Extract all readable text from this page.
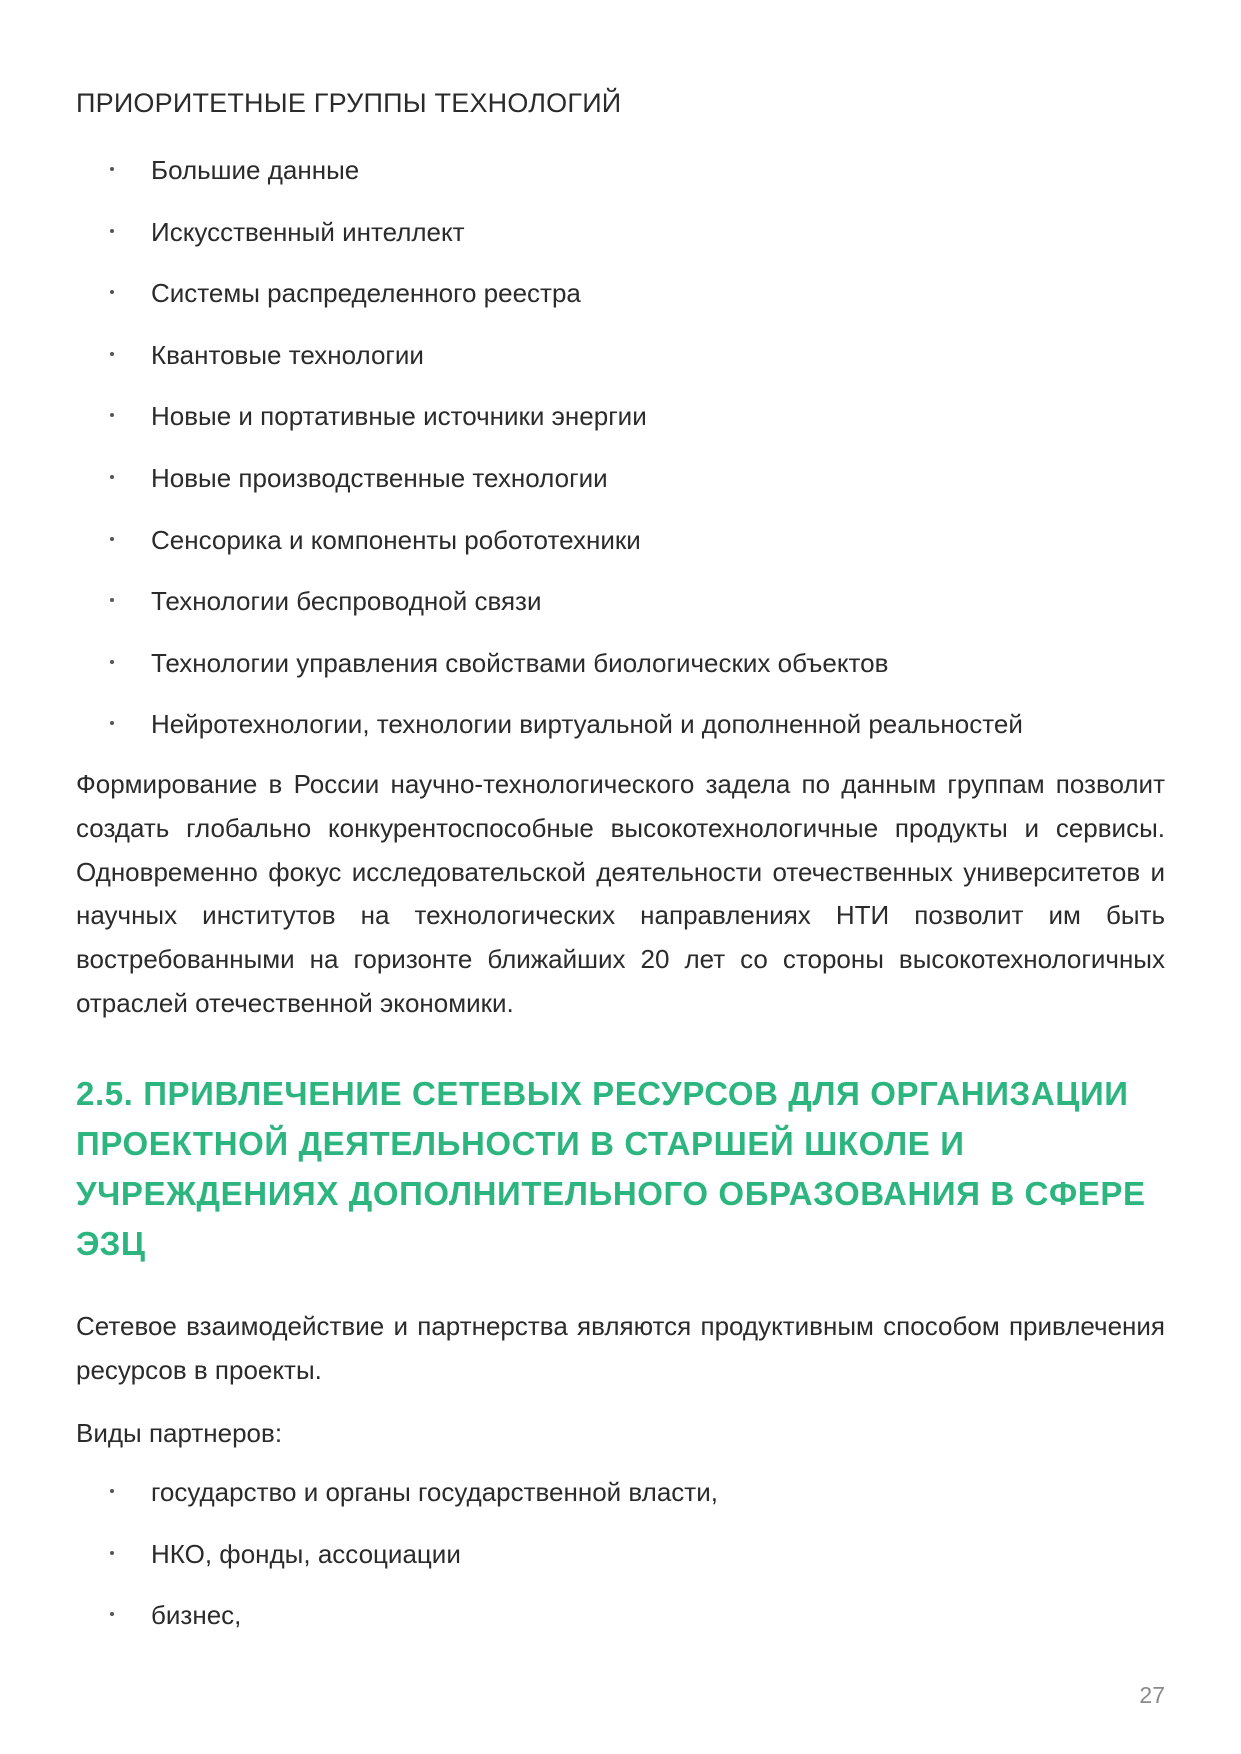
ПРИОРИТЕТНЫЕ ГРУППЫ ТЕХНОЛОГИЙ
Большие данные
Искусственный интеллект
Системы распределенного реестра
Квантовые технологии
Новые и портативные источники энергии
Новые производственные технологии
Сенсорика и компоненты робототехники
Технологии беспроводной связи
Технологии управления свойствами биологических объектов
Нейротехнологии, технологии виртуальной и дополненной реальностей

Формирование в России научно-технологического задела по данным группам позволит создать глобально конкурентоспособные высокотехнологичные продукты и сервисы. Одновременно фокус исследовательской деятельности отечественных университетов и научных институтов на технологических направлениях НТИ позволит им быть востребованными на горизонте ближайших 20 лет со стороны высокотехнологичных отраслей отечественной экономики.

2.5. ПРИВЛЕЧЕНИЕ СЕТЕВЫХ РЕСУРСОВ ДЛЯ ОРГАНИЗАЦИИ ПРОЕКТНОЙ ДЕЯТЕЛЬНОСТИ В СТАРШЕЙ ШКОЛЕ И УЧРЕЖДЕНИЯХ ДОПОЛНИТЕЛЬНОГО ОБРАЗОВАНИЯ В СФЕРЕ ЭЗЦ

Сетевое взаимодействие и партнерства являются продуктивным способом привлечения ресурсов в проекты.

Виды партнеров:

государство и органы государственной власти,
НКО, фонды, ассоциации
бизнес,
27
